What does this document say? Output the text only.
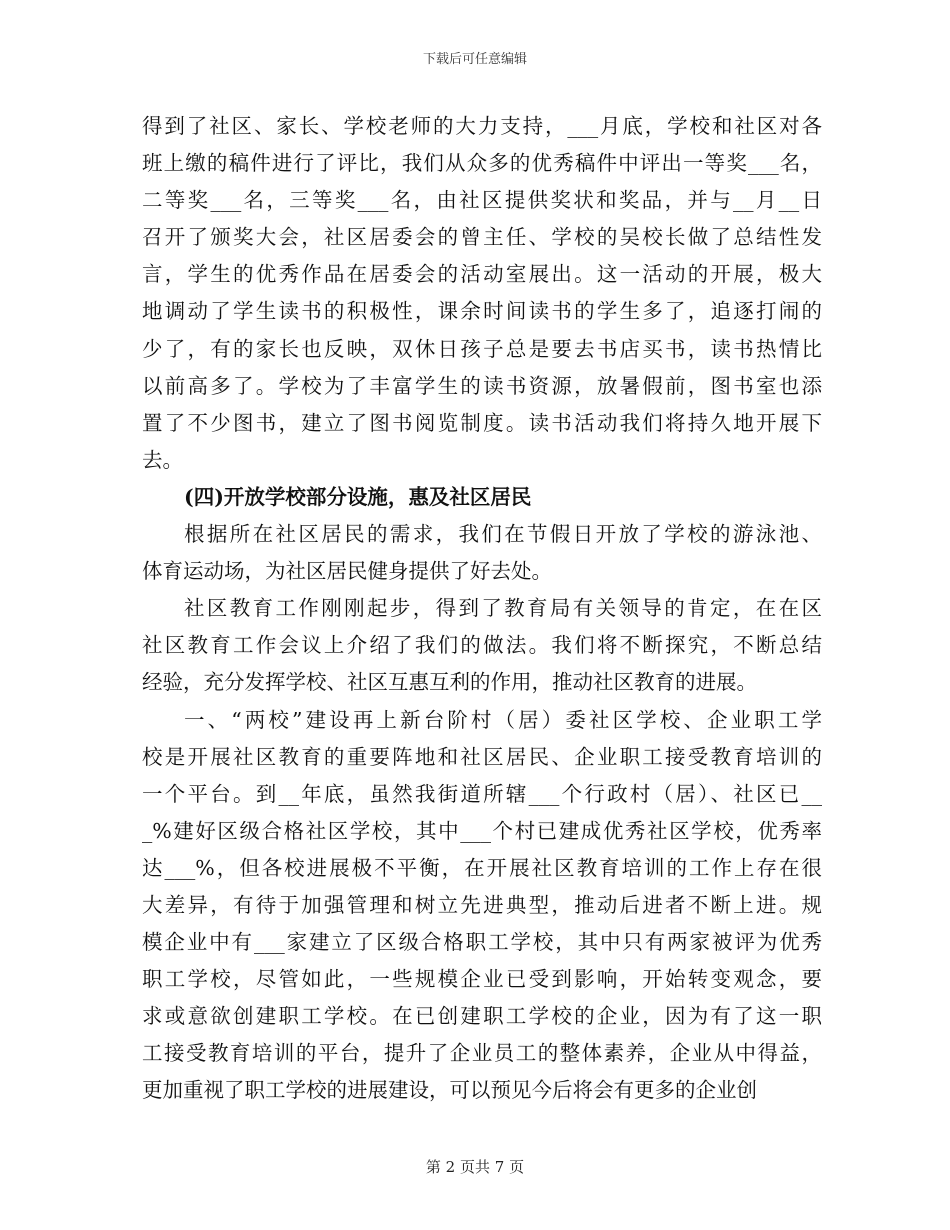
下载后可任意编辑
得到了社区、家长、学校老师的大力支持，___月底，学校和社区对各
班上缴的稿件进行了评比，我们从众多的优秀稿件中评出一等奖___名，
二等奖___名，三等奖___名，由社区提供奖状和奖品，并与__月__日
召开了颁奖大会，社区居委会的曾主任、学校的吴校长做了总结性发
言，学生的优秀作品在居委会的活动室展出。这一活动的开展，极大
地调动了学生读书的积极性，课余时间读书的学生多了，追逐打闹的
少了，有的家长也反映，双休日孩子总是要去书店买书，读书热情比
以前高多了。学校为了丰富学生的读书资源，放暑假前，图书室也添
置了不少图书，建立了图书阅览制度。读书活动我们将持久地开展下
去。
(四)开放学校部分设施，惠及社区居民
根据所在社区居民的需求，我们在节假日开放了学校的游泳池、
体育运动场，为社区居民健身提供了好去处。
社区教育工作刚刚起步，得到了教育局有关领导的肯定，在在区
社区教育工作会议上介绍了我们的做法。我们将不断探究，不断总结
经验，充分发挥学校、社区互惠互利的作用，推动社区教育的进展。
一、“两校”建设再上新台阶村（居）委社区学校、企业职工学
校是开展社区教育的重要阵地和社区居民、企业职工接受教育培训的
一个平台。到__年底，虽然我街道所辖___个行政村（居）、社区已__
_%建好区级合格社区学校，其中___个村已建成优秀社区学校，优秀率
达___%，但各校进展极不平衡，在开展社区教育培训的工作上存在很
大差异，有待于加强管理和树立先进典型，推动后进者不断上进。规
模企业中有___家建立了区级合格职工学校，其中只有两家被评为优秀
职工学校，尽管如此，一些规模企业已受到影响，开始转变观念，要
求或意欲创建职工学校。在已创建职工学校的企业，因为有了这一职
工接受教育培训的平台，提升了企业员工的整体素养，企业从中得益，
更加重视了职工学校的进展建设，可以预见今后将会有更多的企业创
第 2 页共 7 页
